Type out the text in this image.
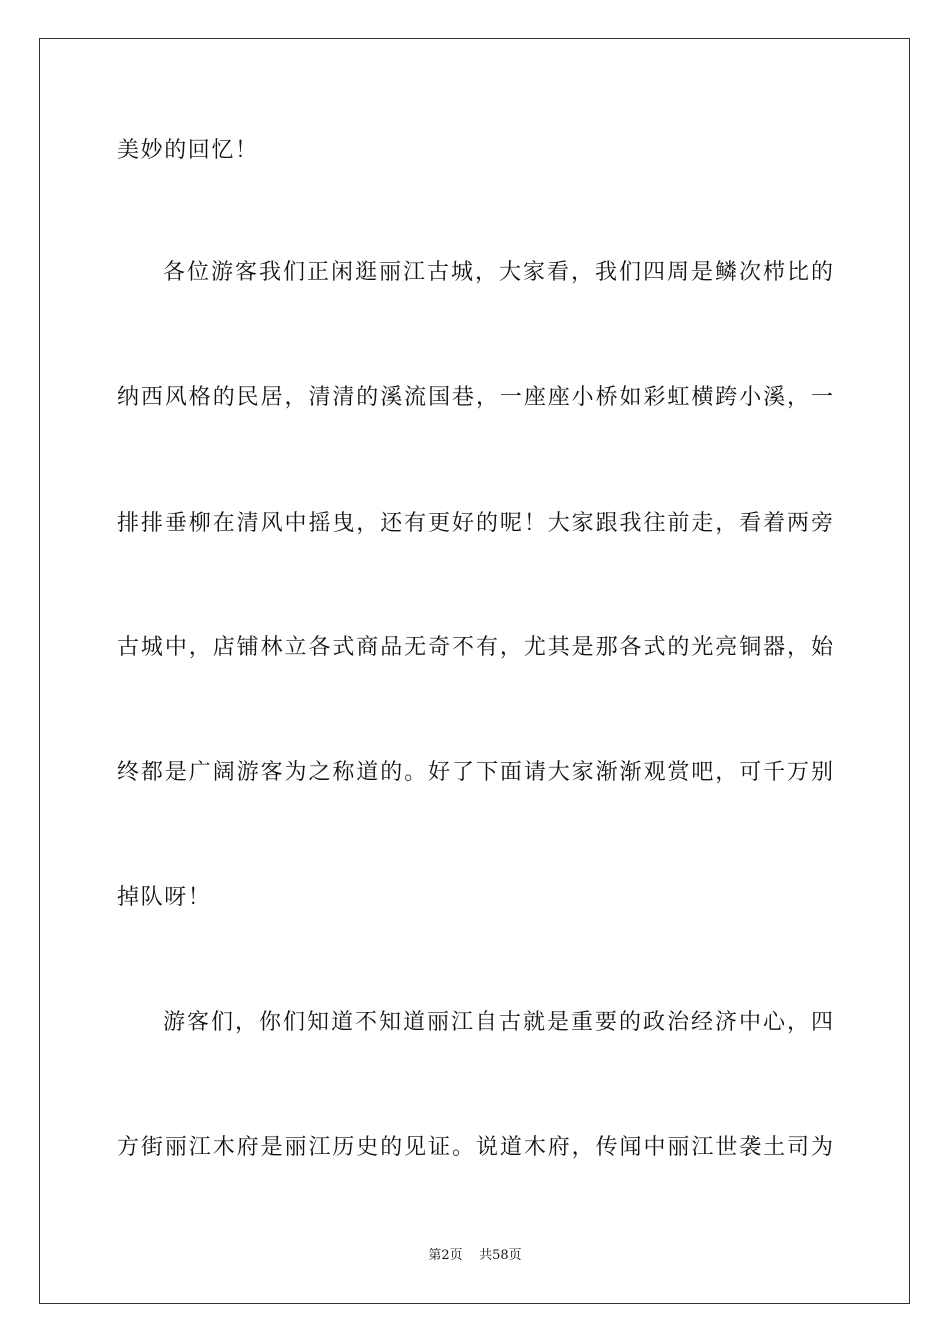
美妙的回忆！
各位游客我们正闲逛丽江古城，大家看，我们四周是鳞次栉比的
纳西风格的民居，清清的溪流国巷，一座座小桥如彩虹横跨小溪，一
排排垂柳在清风中摇曳，还有更好的呢！大家跟我往前走，看着两旁
古城中，店铺林立各式商品无奇不有，尤其是那各式的光亮铜器，始
终都是广阔游客为之称道的。好了下面请大家渐渐观赏吧，可千万别
掉队呀！
游客们，你们知道不知道丽江自古就是重要的政治经济中心，四
方街丽江木府是丽江历史的见证。说道木府，传闻中丽江世袭土司为
第2页    共58页
